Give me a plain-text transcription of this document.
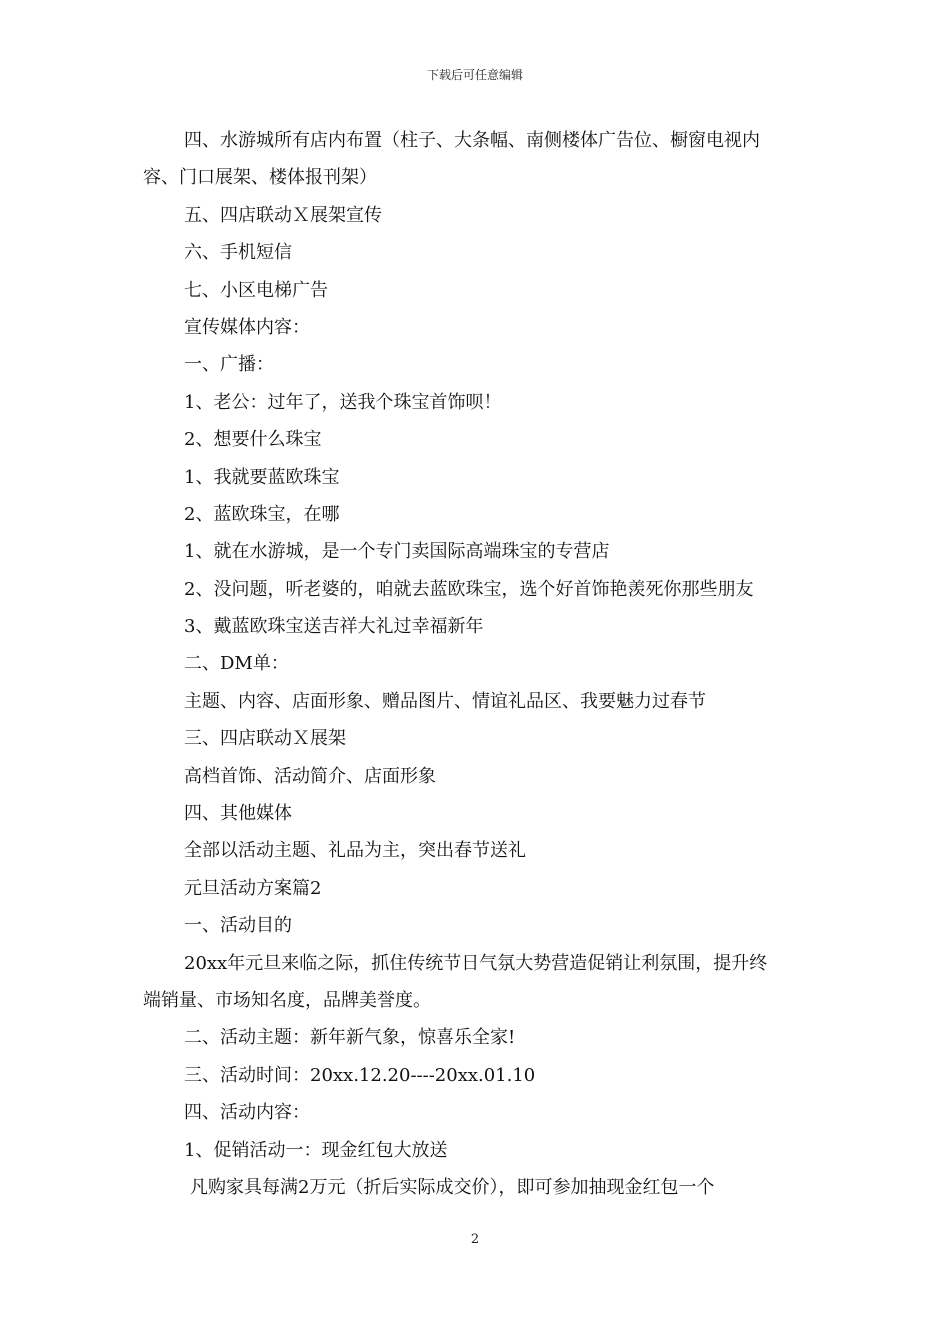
下载后可任意编辑
四、水游城所有店内布置（柱子、大条幅、南侧楼体广告位、橱窗电视内
容、门口展架、楼体报刊架）
五、四店联动Ｘ展架宣传
六、手机短信
七、小区电梯广告
宣传媒体内容：
一、广播：
1、老公：过年了，送我个珠宝首饰呗！
2、想要什么珠宝
1、我就要蓝欧珠宝
2、蓝欧珠宝，在哪
1、就在水游城，是一个专门卖国际高端珠宝的专营店
2、没问题，听老婆的，咱就去蓝欧珠宝，选个好首饰艳羡死你那些朋友
3、戴蓝欧珠宝送吉祥大礼过幸福新年
二、DM单：
主题、内容、店面形象、赠品图片、情谊礼品区、我要魅力过春节
三、四店联动Ｘ展架
高档首饰、活动简介、店面形象
四、其他媒体
全部以活动主题、礼品为主，突出春节送礼
元旦活动方案篇2
一、活动目的
20xx年元旦来临之际，抓住传统节日气氛大势营造促销让利氛围，提升终
端销量、市场知名度，品牌美誉度。
二、活动主题：新年新气象，惊喜乐全家!
三、活动时间：20xx.12.20----20xx.01.10
四、活动内容：
1、促销活动一：现金红包大放送
凡购家具每满2万元（折后实际成交价），即可参加抽现金红包一个
2
